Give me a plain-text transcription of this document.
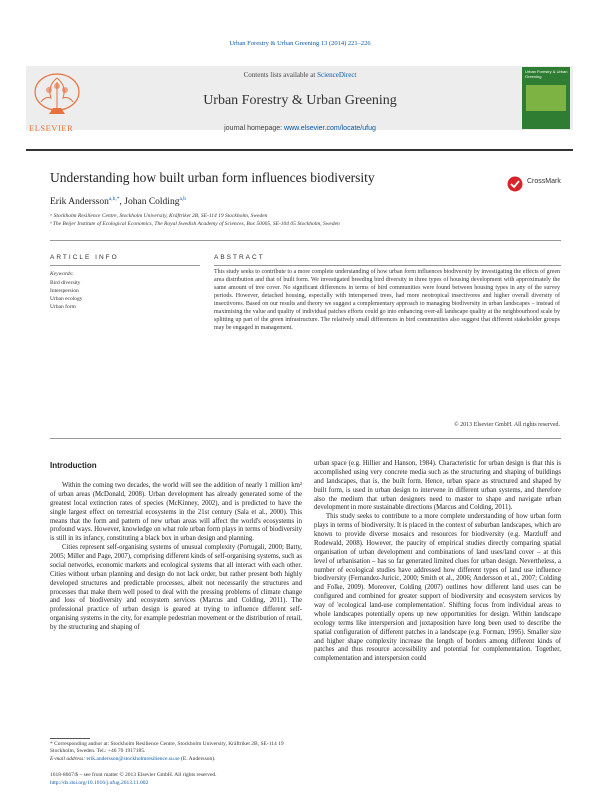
Urban Forestry & Urban Greening 13 (2014) 221–226
ELSEVIER
Contents lists available at ScienceDirect
Urban Forestry & Urban Greening
journal homepage: www.elsevier.com/locate/ufug
Urban Forestry & Urban Greening
Understanding how built urban form influences biodiversity	CrossMark
Erik Andersson$^{a,b,*}$, Johan Colding$^{a,b}$
ᵃ Stockholm Resilience Centre, Stockholm University, Kräftriket 2B, SE-114 19 Stockholm, Sweden
ᵇ The Beijer Institute of Ecological Economics, The Royal Swedish Academy of Sciences, Box 50005, SE-104 05 Stockholm, Sweden
ARTICLE INFO	ABSTRACT
Keywords:
Bird diversity
Interspersion
Urban ecology
Urban form
This study seeks to contribute to a more complete understanding of how urban form influences biodiversity by investigating the effects of green area distribution and that of built form. We investigated breeding bird diversity in three types of housing development with approximately the same amount of tree cover. No significant differences in terms of bird communities were found between housing types in any of the survey periods. However, detached housing, especially with interspersed trees, had more neotropical insectivores and higher overall diversity of insectivores. Based on our results and theory we suggest a complementary approach to managing biodiversity in urban landscapes – instead of maximising the value and quality of individual patches efforts could go into enhancing over-all landscape quality at the neighbourhood scale by splitting up part of the green infrastructure. The relatively small differences in bird communities also suggest that different stakeholder groups may be engaged in management.
© 2013 Elsevier GmbH. All rights reserved.
Introduction

Within the coming two decades, the world will see the addition of nearly 1 million km² of urban areas (McDonald, 2008). Urban development has already generated some of the greatest local extinction rates of species (McKinney, 2002), and is predicted to have the single largest effect on terrestrial ecosystems in the 21st century (Sala et al., 2000). This means that the form and pattern of new urban areas will affect the world's ecosystems in profound ways. However, knowledge on what role urban form plays in terms of biodiversity is still in its infancy, constituting a black box in urban design and planning.

Cities represent self-organising systems of unusual complexity (Portugali, 2000; Batty, 2005; Miller and Page, 2007), comprising different kinds of self-organising systems, such as social networks, economic markets and ecological systems that all interact with each other. Cities without urban planning and design do not lack order, but rather present both highly developed structures and predictable processes, albeit not necessarily the structures and processes that make them well posed to deal with the pressing problems of climate change and loss of biodiversity and ecosystem services (Marcus and Colding, 2011). The professional practice of urban design is geared at trying to influence different self-organising systems in the city, for example pedestrian movement or the distribution of retail, by the structuring and shaping of

urban space (e.g. Hillier and Hanson, 1984). Characteristic for urban design is that this is accomplished using very concrete media such as the structuring and shaping of buildings and landscapes, that is, the built form. Hence, urban space as structured and shaped by built form, is used in urban design to intervene in different urban systems, and therefore also the medium that urban designers need to master to shape and navigate urban development in more sustainable directions (Marcus and Colding, 2011).

This study seeks to contribute to a more complete understanding of how urban form plays in terms of biodiversity. It is placed in the context of suburban landscapes, which are known to provide diverse mosaics and resources for biodiversity (e.g. Marzluff and Rodewald, 2008). However, the paucity of empirical studies directly comparing spatial organisation of urban development and combinations of land uses/land cover – at this level of urbanisation – has so far generated limited clues for urban design. Nevertheless, a number of ecological studies have addressed how different types of land use influence biodiversity (Fernandez-Juricic, 2000; Smith et al., 2006; Andersson et al., 2007; Colding and Folke, 2009). Moreover, Colding (2007) outlines how different land uses can be configured and combined for greater support of biodiversity and ecosystem services by way of 'ecological land-use complementation'. Shifting focus from individual areas to whole landscapes potentially opens up new opportunities for design. Within landscape ecology terms like interspersion and juxtaposition have long been used to describe the spatial configuration of different patches in a landscape (e.g. Forman, 1995). Smaller size and higher shape complexity increase the length of borders among different kinds of patches and thus resource accessibility and potential for complementation. Together, complementation and interspersion could

* Corresponding author at: Stockholm Resilience Centre, Stockholm University, Kräftriket 2B, SE-114 19 Stockholm, Sweden. Tel.: +46 70 1917185.
E-mail address: erik.andersson@stockholmresilience.su.se (E. Andersson).
1618-8667/$ – see front matter © 2013 Elsevier GmbH. All rights reserved.
http://dx.doi.org/10.1016/j.ufug.2013.11.002
